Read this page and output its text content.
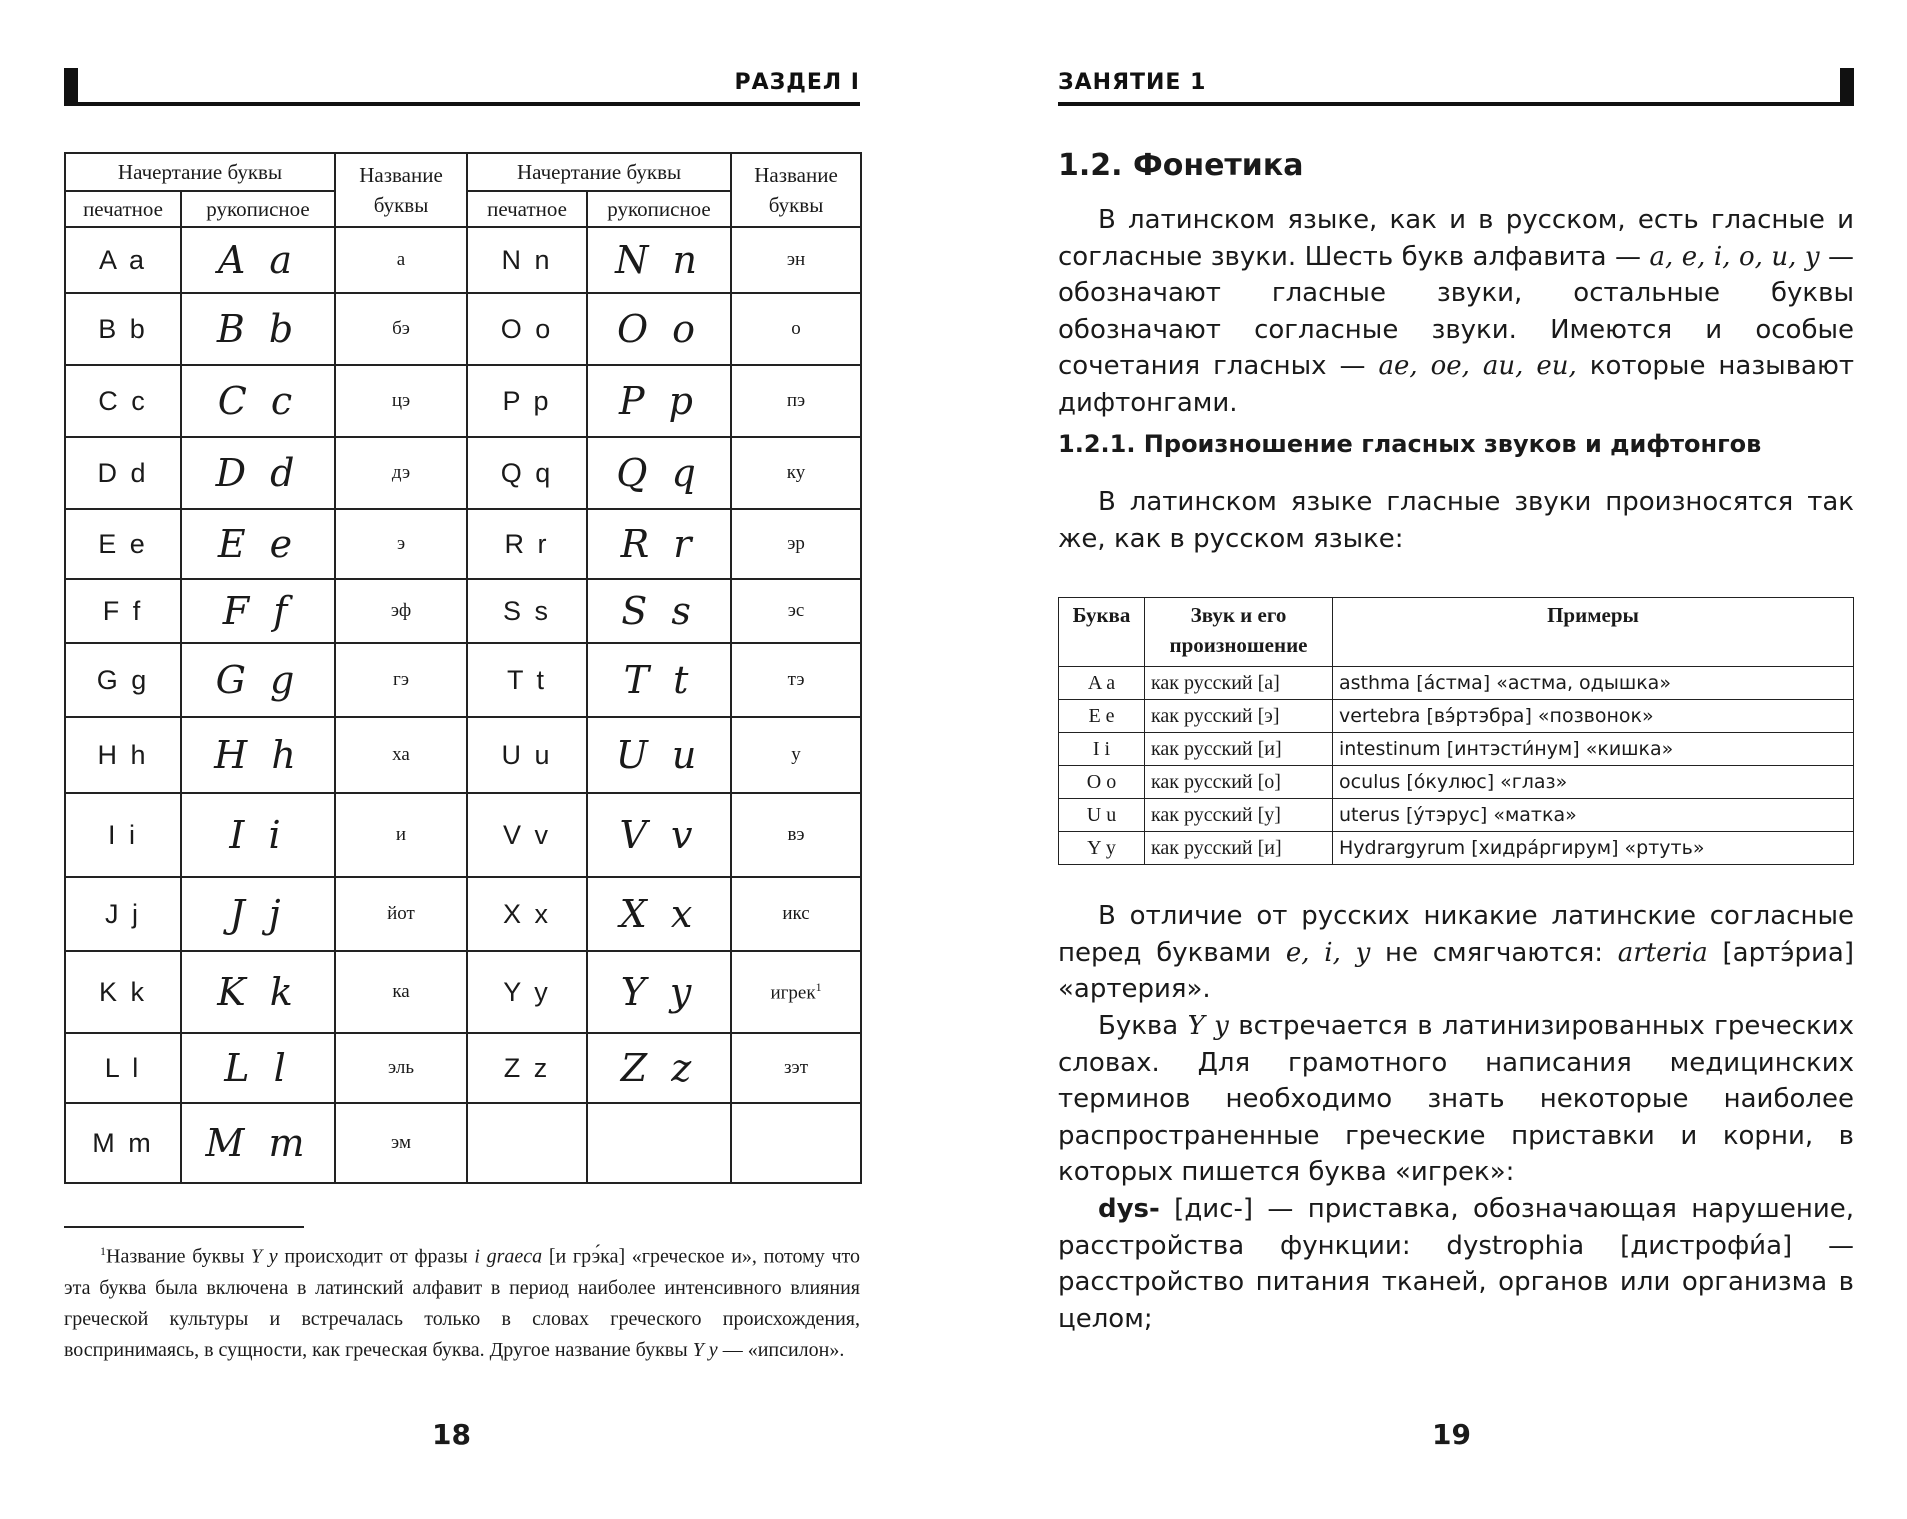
РАЗДЕЛ I
Начертание буквы		Название буквы	Начертание буквы		Название буквы
печатное	рукописное		печатное	рукописное	
A a	A a	а	N n	N n	эн
B b	B b	бэ	O o	O o	о
C c	C c	цэ	P p	P p	пэ
D d	D d	дэ	Q q	Q q	ку
E e	E e	э	R r	R r	эр
F f	F f	эф	S s	S s	эс
G g	G g	гэ	T t	T t	тэ
H h	H h	ха	U u	U u	у
I i	I i	и	V v	V v	вэ
J j	J j	йот	X x	X x	икс
K k	K k	ка	Y y	Y y	игрек$^1$
L l	L l	эль	Z z	Z z	зэт
M m	M m	эм			

$^1$Название буквы Y y происходит от фразы i graeca [и грэ́ка] «греческое и», потому что эта буква была включена в латинский алфавит в период наиболее интенсивного влияния греческой культуры и встречалась только в словах греческого происхождения, воспринимаясь, в сущности, как греческая буква. Другое название буквы Y y — «ипсилон».

18
ЗАНЯТИЕ 1
1.2. Фонетика

В латинском языке, как и в русском, есть гласные и согласные звуки. Шесть букв алфавита — a, e, i, o, u, y — обозначают гласные звуки, остальные буквы обозначают согласные звуки. Имеются и особые сочетания гласных — ae, oe, au, eu, которые называют дифтонгами.

1.2.1. Произношение гласных звуков и дифтонгов

В латинском языке гласные звуки произносятся так же, как в русском языке:

Буква	Звук и его произношение	Примеры
A a	как русский [а]	asthma [а́стма] «астма, одышка»
E e	как русский [э]	vertebra [вэ́ртэбра] «позвонок»
I i	как русский [и]	intestinum [интэсти́нум] «кишка»
O o	как русский [о]	oculus [о́кулюс] «глаз»
U u	как русский [у]	uterus [у́тэрус] «матка»
Y y	как русский [и]	Hydrargyrum [хидра́ргирум] «ртуть»

В отличие от русских никакие латинские согласные перед буквами e, i, y не смягчаются: arteria [артэ́риа] «артерия».

Буква Y y встречается в латинизированных греческих словах. Для грамотного написания медицинских терминов необходимо знать некоторые наиболее распространенные греческие приставки и корни, в которых пишется буква «игрек»:

dys- [дис-] — приставка, обозначающая нарушение, расстройства функции: dystrophia [дистрофи́а] — расстройство питания тканей, органов или организма в целом;

19
